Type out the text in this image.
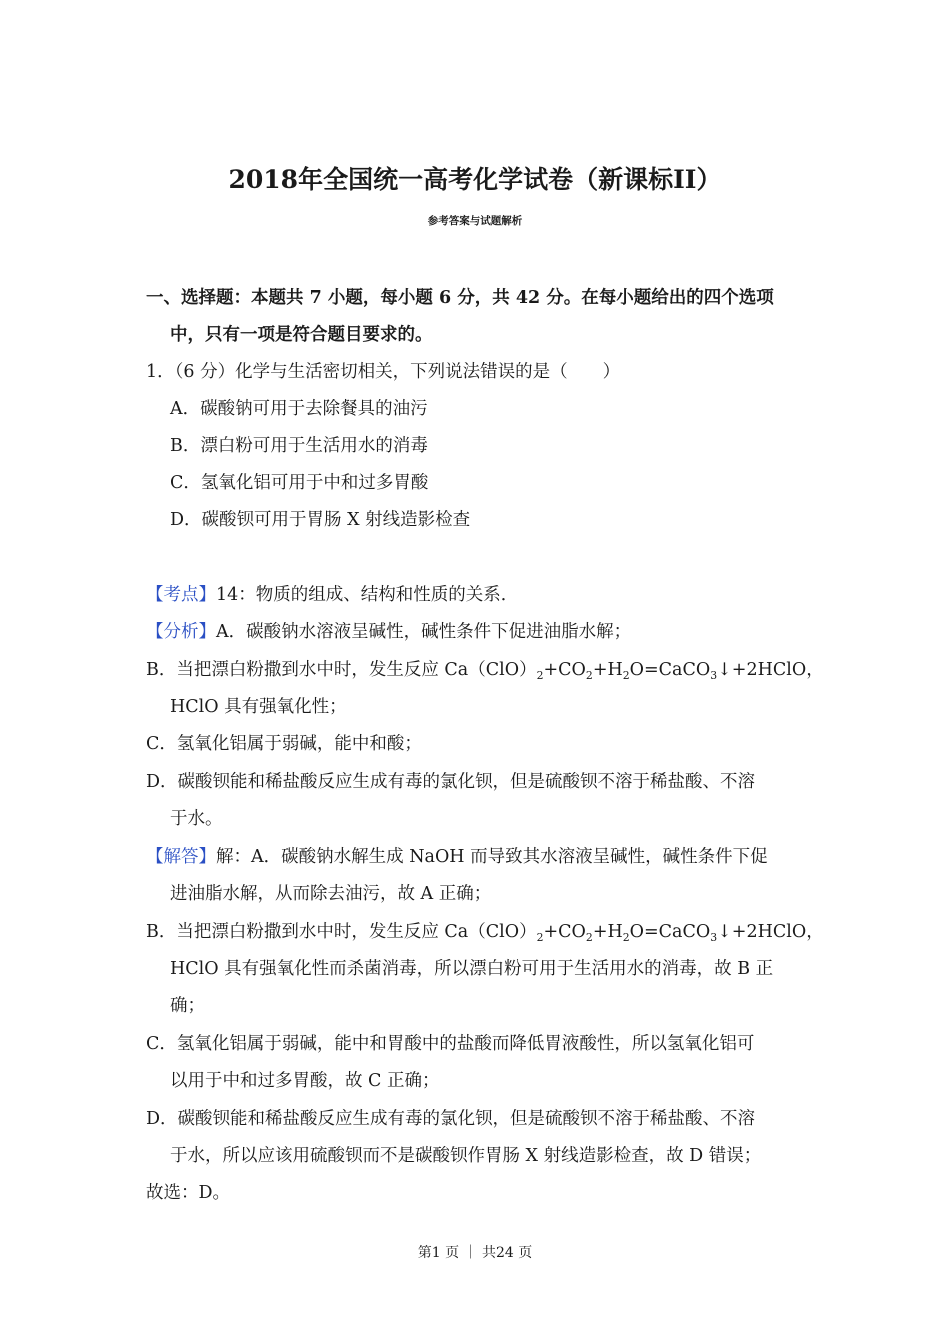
2018年全国统一高考化学试卷（新课标II）
参考答案与试题解析
一、选择题：本题共 7 小题，每小题 6 分，共 42 分。在每小题给出的四个选项
中，只有一项是符合题目要求的。
1．（6 分）化学与生活密切相关，下列说法错误的是（　　）
A．碳酸钠可用于去除餐具的油污
B．漂白粉可用于生活用水的消毒
C．氢氧化铝可用于中和过多胃酸
D．碳酸钡可用于胃肠 X 射线造影检查
【考点】14：物质的组成、结构和性质的关系．
【分析】A．碳酸钠水溶液呈碱性，碱性条件下促进油脂水解；
B．当把漂白粉撒到水中时，发生反应 $Ca(ClO)_2+CO_2+H_2O=CaCO_3↓+2HClO$，
HClO 具有强氧化性；
C．氢氧化铝属于弱碱，能中和酸；
D．碳酸钡能和稀盐酸反应生成有毒的氯化钡，但是硫酸钡不溶于稀盐酸、不溶
于水。
【解答】解：A．碳酸钠水解生成 NaOH 而导致其水溶液呈碱性，碱性条件下促
进油脂水解，从而除去油污，故 A 正确；
B．当把漂白粉撒到水中时，发生反应 $Ca(ClO)_2+CO_2+H_2O=CaCO_3↓+2HClO$，
HClO 具有强氧化性而杀菌消毒，所以漂白粉可用于生活用水的消毒，故 B 正
确；
C．氢氧化铝属于弱碱，能中和胃酸中的盐酸而降低胃液酸性，所以氢氧化铝可
以用于中和过多胃酸，故 C 正确；
D．碳酸钡能和稀盐酸反应生成有毒的氯化钡，但是硫酸钡不溶于稀盐酸、不溶
于水，所以应该用硫酸钡而不是碳酸钡作胃肠 X 射线造影检查，故 D 错误；
故选：D。
第1 页 ｜ 共24 页
